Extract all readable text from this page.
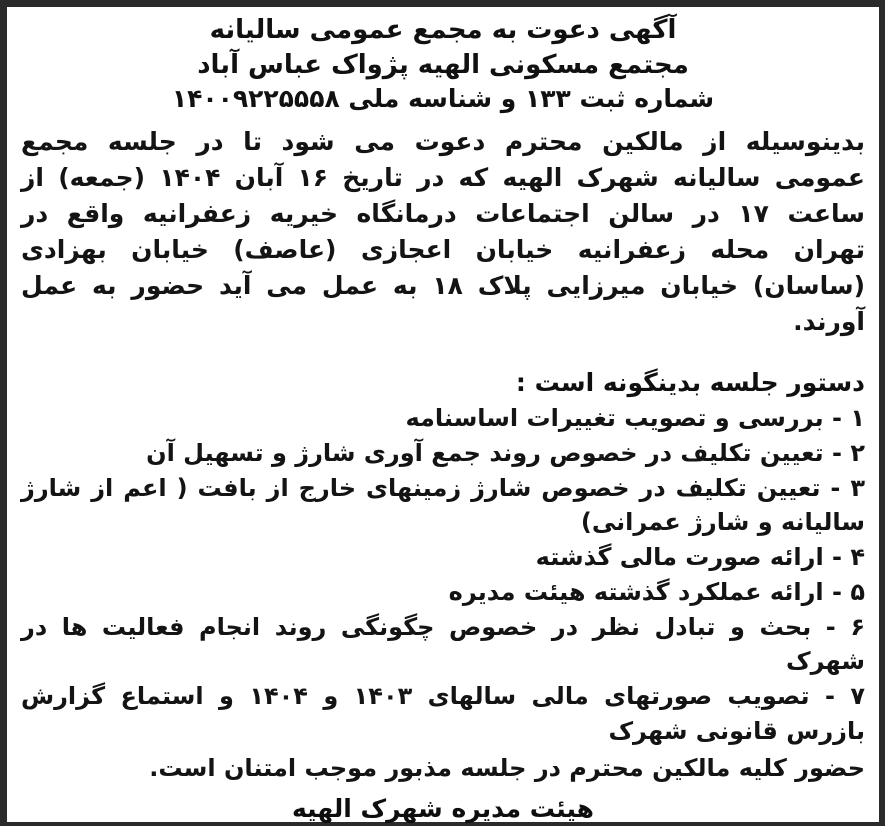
آگهی دعوت به مجمع عمومی سالیانه
مجتمع مسکونی الهیه پژواک عباس آباد
شماره ثبت ۱۳۳ و شناسه ملی ۱۴۰۰۹۲۲۵۵۵۸

بدینوسیله از مالکین محترم دعوت می شود تا در جلسه مجمع عمومی سالیانه شهرک الهیه که در تاریخ ۱۶ آبان ۱۴۰۴ (جمعه) از ساعت ۱۷ در سالن اجتماعات درمانگاه خیریه زعفرانیه واقع در تهران محله زعفرانیه خیابان اعجازی (عاصف) خیابان بهزادی (ساسان) خیابان میرزایی پلاک ۱۸ به عمل می آید حضور به عمل آورند.

دستور جلسه بدینگونه است :
۱ - بررسی و تصویب تغییرات اساسنامه
۲ - تعیین تکلیف در خصوص روند جمع آوری شارژ و تسهیل آن
۳ - تعیین تکلیف در خصوص شارژ زمینهای خارج از بافت ( اعم از شارژ سالیانه و شارژ عمرانی)
۴ - ارائه صورت مالی گذشته
۵ - ارائه عملکرد گذشته هیئت مدیره
۶ - بحث و تبادل نظر در خصوص چگونگی روند انجام فعالیت ها در شهرک
۷ - تصویب صورتهای مالی سالهای ۱۴۰۳ و ۱۴۰۴ و استماع گزارش بازرس قانونی شهرک
حضور کلیه مالکین محترم در جلسه مذبور موجب امتنان است.
هیئت مدیره شهرک الهیه
